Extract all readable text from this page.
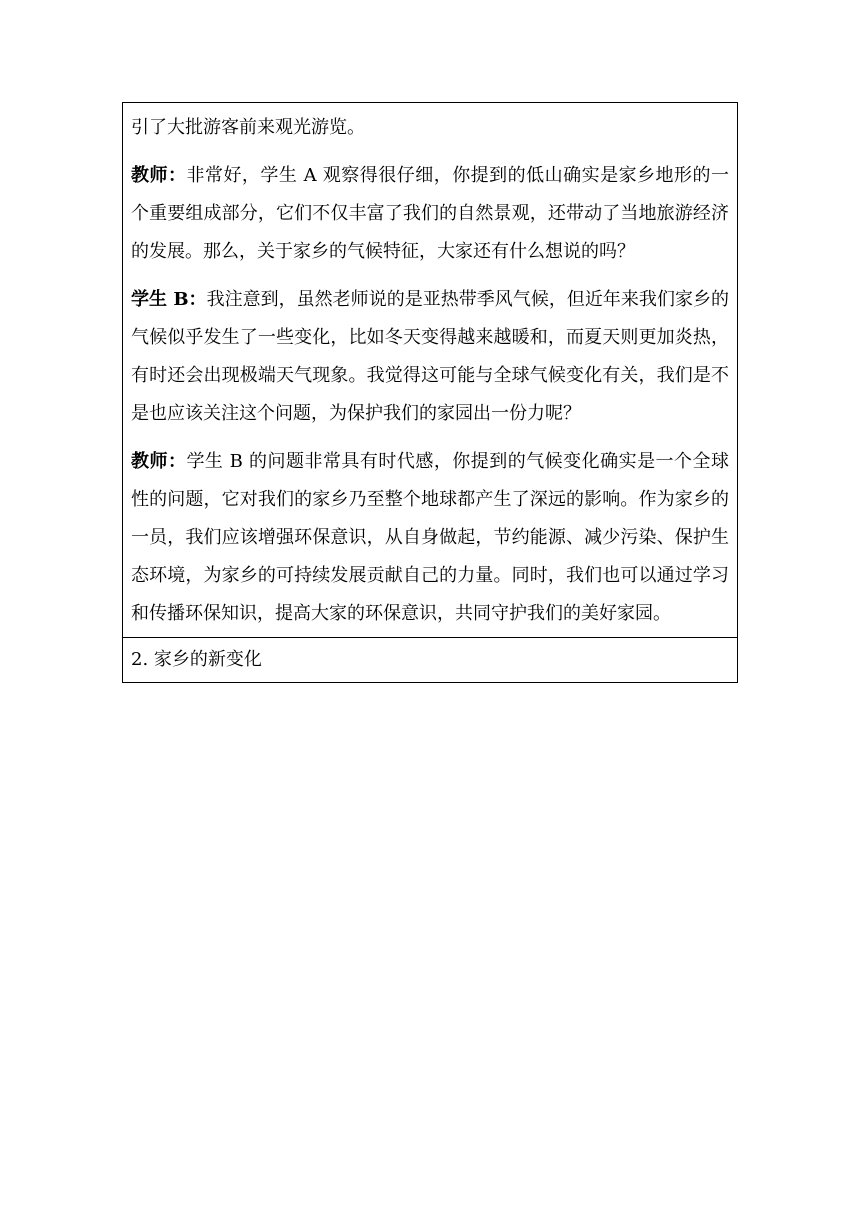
引了大批游客前来观光游览。

教师：非常好，学生 A 观察得很仔细，你提到的低山确实是家乡地形的一个重要组成部分，它们不仅丰富了我们的自然景观，还带动了当地旅游经济的发展。那么，关于家乡的气候特征，大家还有什么想说的吗？

学生 B：我注意到，虽然老师说的是亚热带季风气候，但近年来我们家乡的气候似乎发生了一些变化，比如冬天变得越来越暖和，而夏天则更加炎热，有时还会出现极端天气现象。我觉得这可能与全球气候变化有关，我们是不是也应该关注这个问题，为保护我们的家园出一份力呢？

教师：学生 B 的问题非常具有时代感，你提到的气候变化确实是一个全球性的问题，它对我们的家乡乃至整个地球都产生了深远的影响。作为家乡的一员，我们应该增强环保意识，从自身做起，节约能源、减少污染、保护生态环境，为家乡的可持续发展贡献自己的力量。同时，我们也可以通过学习和传播环保知识，提高大家的环保意识，共同守护我们的美好家园。

2. 家乡的新变化
